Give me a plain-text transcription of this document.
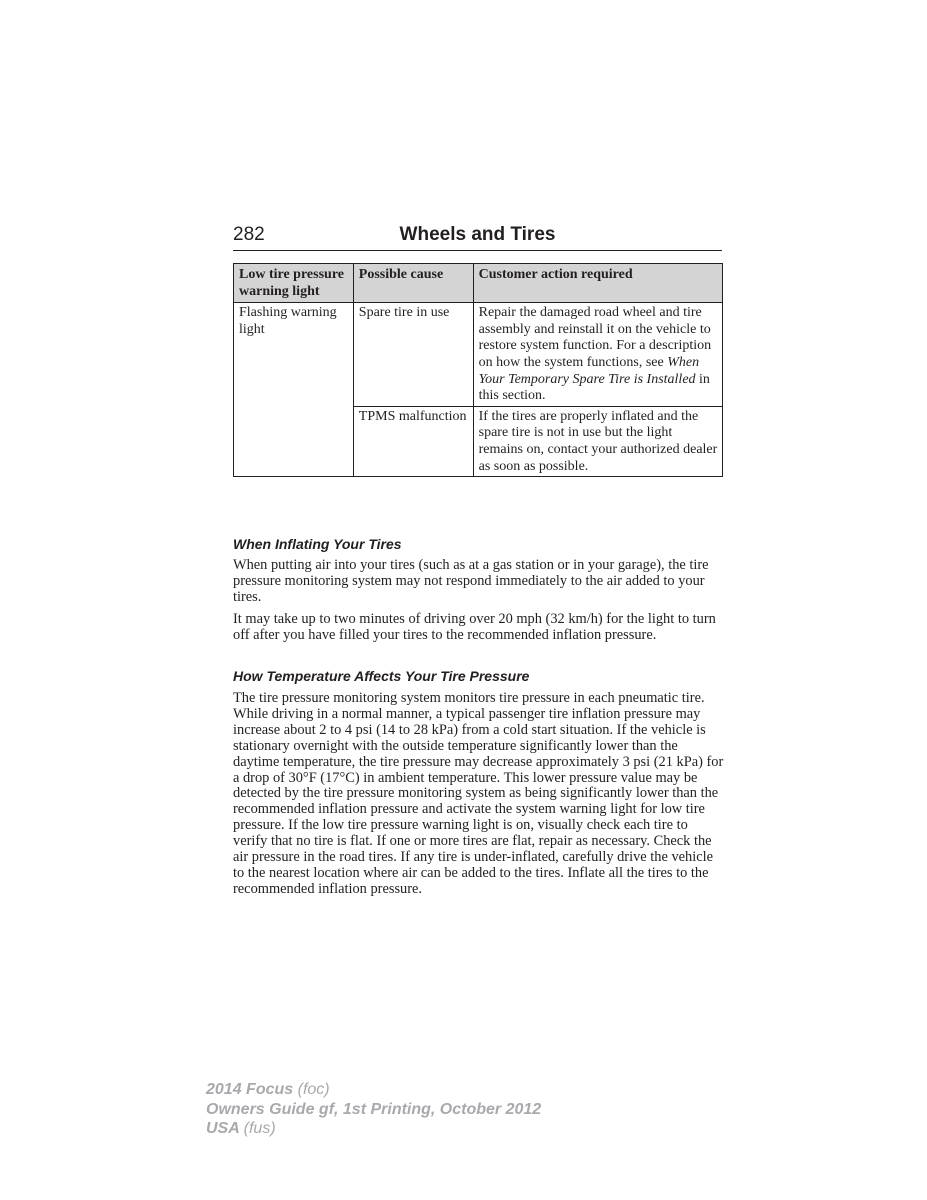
282	Wheels and Tires
Low tire pressure warning light	Possible cause	Customer action required
Flashing warning light	Spare tire in use	Repair the damaged road wheel and tire assembly and reinstall it on the vehicle to restore system function. For a description on how the system functions, see When Your Temporary Spare Tire is Installed in this section.
	TPMS malfunction	If the tires are properly inflated and the spare tire is not in use but the light remains on, contact your authorized dealer as soon as possible.
When Inflating Your Tires

When putting air into your tires (such as at a gas station or in your garage), the tire pressure monitoring system may not respond immediately to the air added to your tires.

It may take up to two minutes of driving over 20 mph (32 km/h) for the light to turn off after you have filled your tires to the recommended inflation pressure.

How Temperature Affects Your Tire Pressure

The tire pressure monitoring system monitors tire pressure in each pneumatic tire. While driving in a normal manner, a typical passenger tire inflation pressure may increase about 2 to 4 psi (14 to 28 kPa) from a cold start situation. If the vehicle is stationary overnight with the outside temperature significantly lower than the daytime temperature, the tire pressure may decrease approximately 3 psi (21 kPa) for a drop of 30°F (17°C) in ambient temperature. This lower pressure value may be detected by the tire pressure monitoring system as being significantly lower than the recommended inflation pressure and activate the system warning light for low tire pressure. If the low tire pressure warning light is on, visually check each tire to verify that no tire is flat. If one or more tires are flat, repair as necessary. Check the air pressure in the road tires. If any tire is under-inflated, carefully drive the vehicle to the nearest location where air can be added to the tires. Inflate all the tires to the recommended inflation pressure.

2014 Focus (foc)
Owners Guide gf, 1st Printing, October 2012
USA (fus)
